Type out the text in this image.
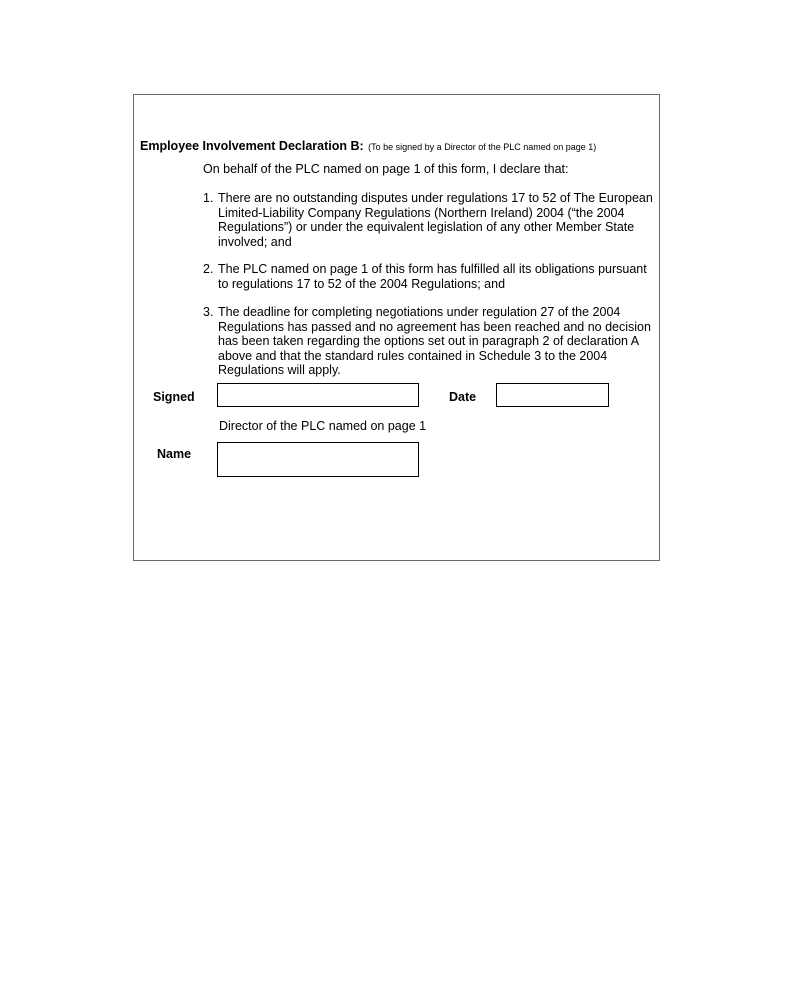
Employee Involvement Declaration B: (To be signed by a Director of the PLC named on page 1)
On behalf of the PLC named on page 1 of this form, I declare that:
1. There are no outstanding disputes under regulations 17 to 52 of The European Limited-Liability Company Regulations (Northern Ireland) 2004 (“the 2004 Regulations”) or under the equivalent legislation of any other Member State involved; and
2. The PLC named on page 1 of this form has fulfilled all its obligations pursuant to regulations 17 to 52 of the 2004 Regulations; and
3. The deadline for completing negotiations under regulation 27 of the 2004 Regulations has passed and no agreement has been reached and no decision has been taken regarding the options set out in paragraph 2 of declaration A above and that the standard rules contained in Schedule 3 to the 2004 Regulations will apply.
Signed	Date
Director of the PLC named on page 1
Name
